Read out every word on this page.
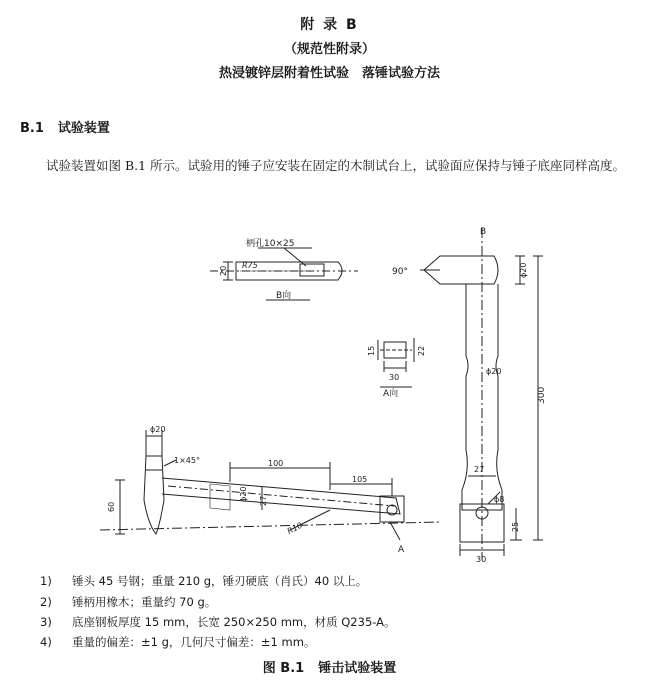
附 录 B
（规范性附录）
热浸镀锌层附着性试验　落锤试验方法
B.1 试验装置
试验装置如图 B.1 所示。试验用的锤子应安装在固定的木制试台上，试验面应保持与锤子底座同样高度。
柄孔10×25
R75
20
B向
15	22
30
A向
B
90°	ϕ20
ϕ20
300
27
ϕ8
25
30
ϕ20
1×45°	100
105
60
ϕ20 27
R10
A
1) 锤头 45 号钢；重量 210 g，锤刃硬底（肖氏）40 以上。
2) 锤柄用橡木；重量约 70 g。
3) 底座钢板厚度 15 mm，长宽 250×250 mm，材质 Q235-A。
4) 重量的偏差：±1 g，几何尺寸偏差：±1 mm。
图 B.1 锤击试验装置
